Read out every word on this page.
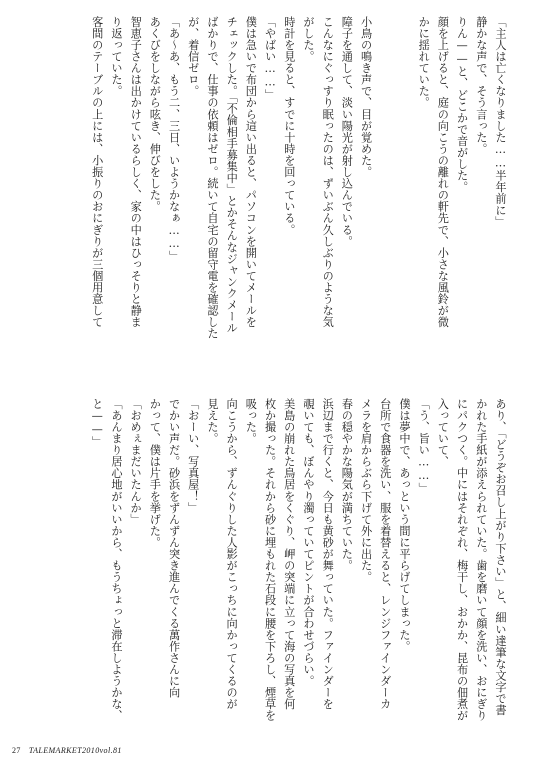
「主人は亡くなりました……半年前に」
静かな声で、そう言った。
りん——と、どこかで音がした。
顔を上げると、庭の向こうの離れの軒先で、小さな風鈴が微
かに揺れていた。
小鳥の鳴き声で、目が覚めた。
障子を通して、淡い陽光が射し込んでいる。
こんなにぐっすり眠ったのは、ずいぶん久しぶりのような気
がした。
時計を見ると、すでに十時を回っている。
「やばい……」
僕は急いで布団から這い出ると、パソコンを開いてメールを
チェックした。「不倫相手募集中」とかそんなジャンクメール
ばかりで、仕事の依頼はゼロ。続いて自宅の留守電を確認した
が、着信ゼロ。
「あ〜あ、もう二、三日、いようかなぁ……」
あくびをしながら呟き、伸びをした。
智恵子さんは出かけているらしく、家の中はひっそりと静ま
り返っていた。
客間のテーブルの上には、小振りのおにぎりが三個用意して
あり、「どうぞお召し上がり下さい」と、細い達筆な文字で書
かれた手紙が添えられていた。歯を磨いて顔を洗い、おにぎり
にパクつく。中にはそれぞれ、梅干し、おかか、昆布の佃煮が
入っていて、
「う、旨い……」
僕は夢中で、あっという間に平らげてしまった。
台所で食器を洗い、服を着替えると、レンジファインダーカ
メラを肩からぶら下げて外に出た。
春の穏やかな陽気が満ちていた。
浜辺まで行くと、今日も黄砂が舞っていた。ファインダーを
覗いても、ぼんやり濁っていてピントが合わせづらい。
美島の崩れた鳥居をくぐり、岬の突端に立って海の写真を何
枚か撮った。それから砂に埋もれた石段に腰を下ろし、煙草を
吸った。
向こうから、ずんぐりした人影がこっちに向かってくるのが
見えた。
「おーい、写真屋！」
でかい声だ。砂浜をずんずん突き進んでくる萬作さんに向
かって、僕は片手を挙げた。
「おめぇまだいたんか」
「あんまり居心地がいいから、もうちょっと滞在しようかな、
と——」
27 TALEMARKET2010vol.81
